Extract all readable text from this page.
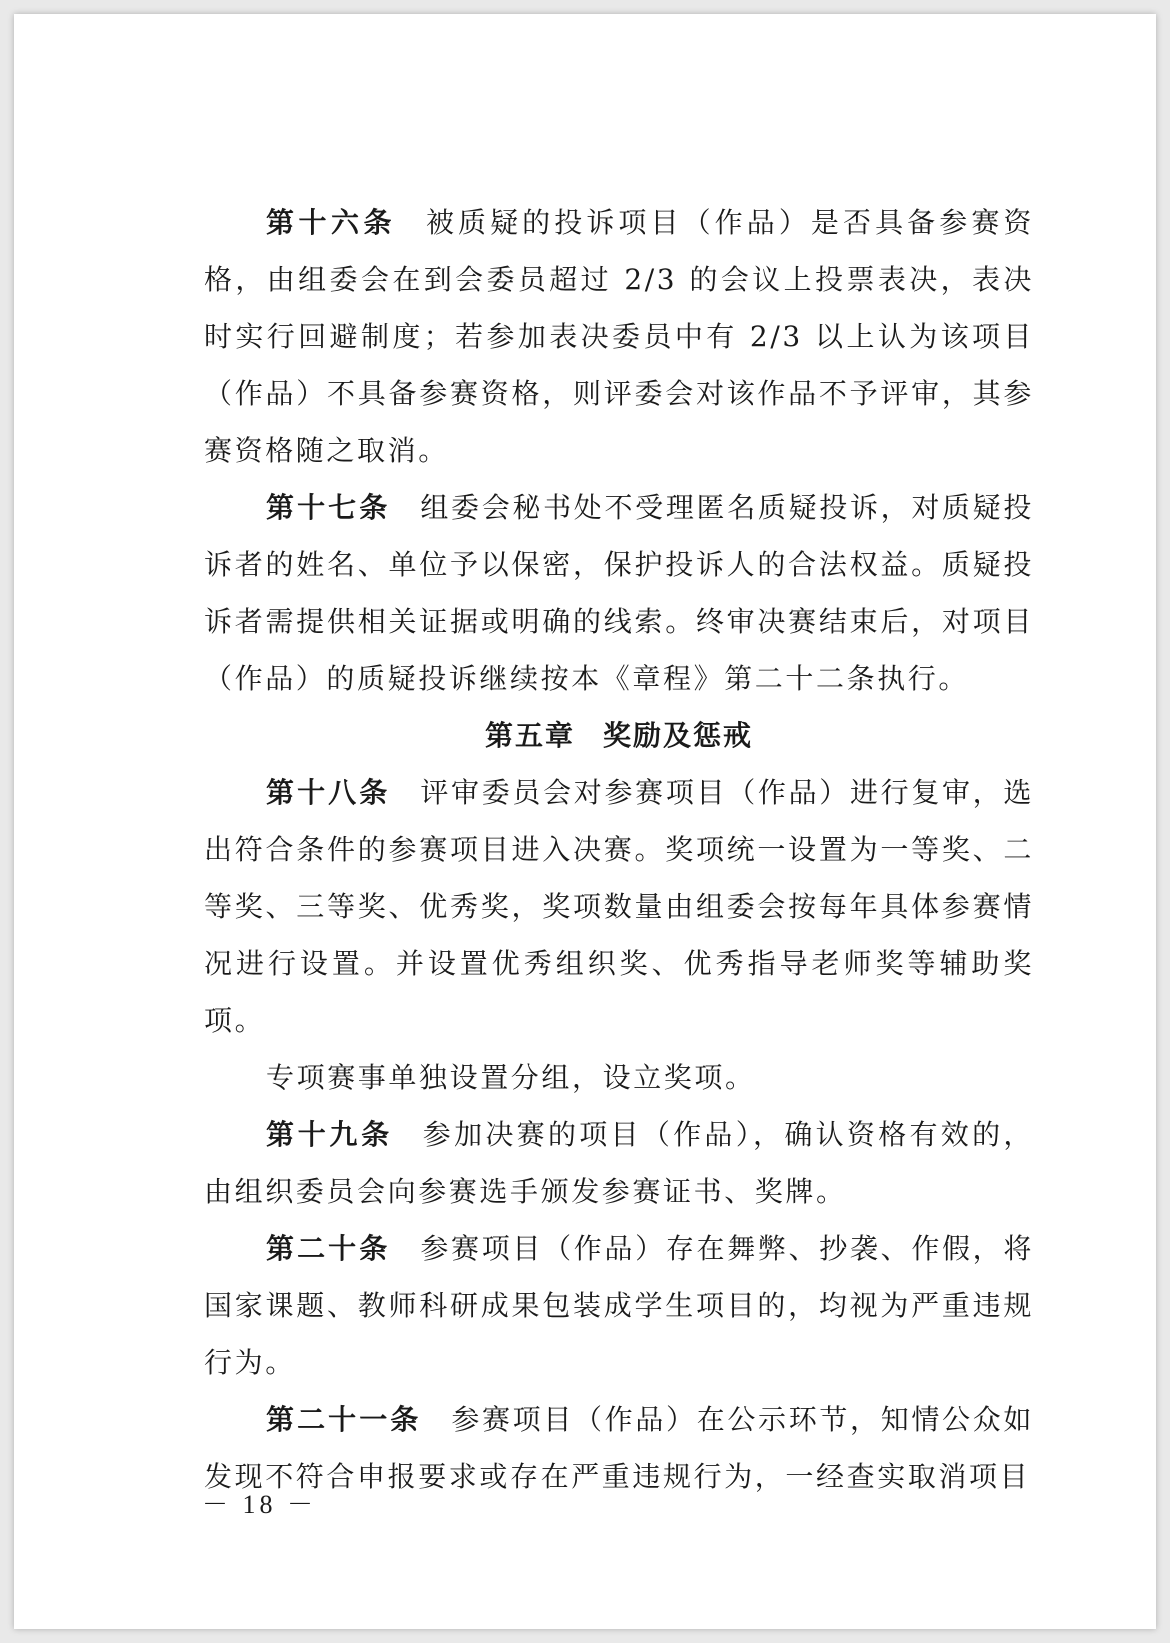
第十六条 被质疑的投诉项目（作品）是否具备参赛资格，由组委会在到会委员超过 2/3 的会议上投票表决，表决时实行回避制度；若参加表决委员中有 2/3 以上认为该项目（作品）不具备参赛资格，则评委会对该作品不予评审，其参赛资格随之取消。

第十七条 组委会秘书处不受理匿名质疑投诉，对质疑投诉者的姓名、单位予以保密，保护投诉人的合法权益。质疑投诉者需提供相关证据或明确的线索。终审决赛结束后，对项目（作品）的质疑投诉继续按本《章程》第二十二条执行。

第五章 奖励及惩戒

第十八条 评审委员会对参赛项目（作品）进行复审，选出符合条件的参赛项目进入决赛。奖项统一设置为一等奖、二等奖、三等奖、优秀奖，奖项数量由组委会按每年具体参赛情况进行设置。并设置优秀组织奖、优秀指导老师奖等辅助奖项。

专项赛事单独设置分组，设立奖项。

第十九条 参加决赛的项目（作品），确认资格有效的，由组织委员会向参赛选手颁发参赛证书、奖牌。

第二十条 参赛项目（作品）存在舞弊、抄袭、作假，将国家课题、教师科研成果包装成学生项目的，均视为严重违规行为。

第二十一条 参赛项目（作品）在公示环节，知情公众如发现不符合申报要求或存在严重违规行为，一经查实取消项目

－ 18 －
